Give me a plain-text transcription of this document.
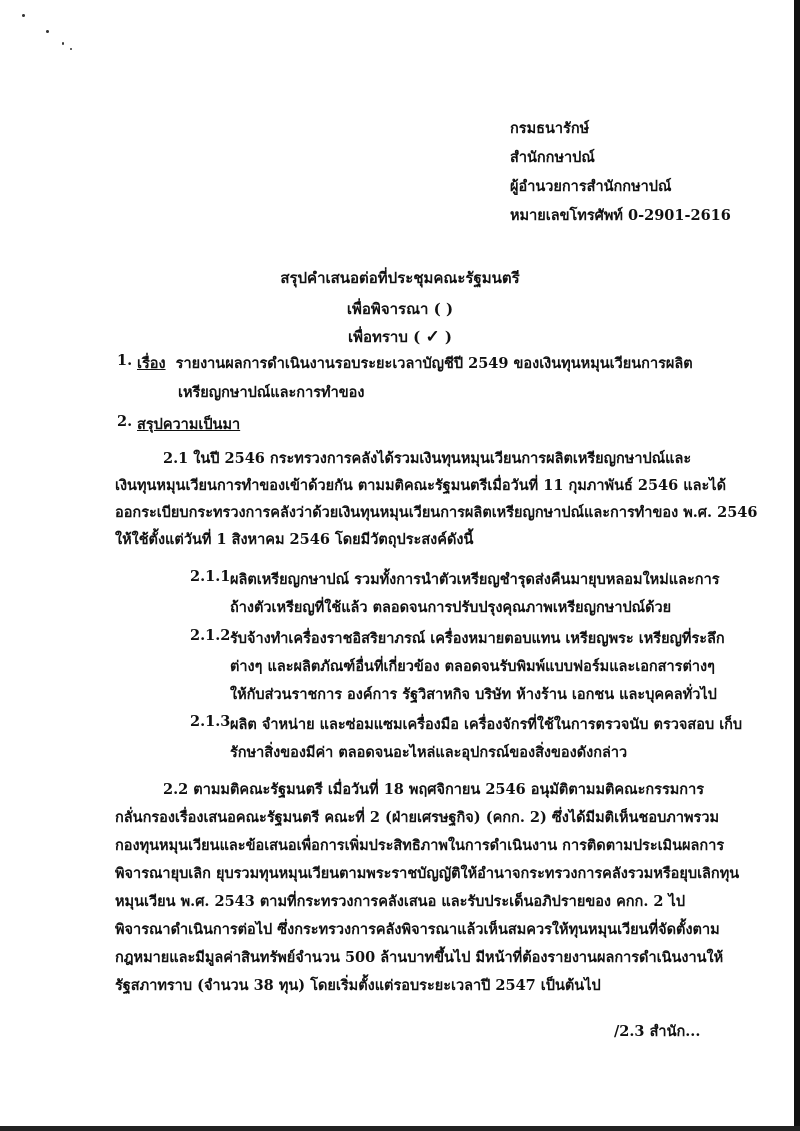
กรมธนารักษ์
สำนักกษาปณ์
ผู้อำนวยการสำนักกษาปณ์
หมายเลขโทรศัพท์ 0-2901-2616
สรุปคำเสนอต่อที่ประชุมคณะรัฐมนตรี
เพื่อพิจารณา ( )
เพื่อทราบ ( ✓ )
1. เรื่อง รายงานผลการดำเนินงานรอบระยะเวลาบัญชีปี 2549 ของเงินทุนหมุนเวียนการผลิต
เหรียญกษาปณ์และการทำของ
2. สรุปความเป็นมา
2.1 ในปี 2546 กระทรวงการคลังได้รวมเงินทุนหมุนเวียนการผลิตเหรียญกษาปณ์และ
เงินทุนหมุนเวียนการทำของเข้าด้วยกัน ตามมติคณะรัฐมนตรีเมื่อวันที่ 11 กุมภาพันธ์ 2546 และได้
ออกระเบียบกระทรวงการคลังว่าด้วยเงินทุนหมุนเวียนการผลิตเหรียญกษาปณ์และการทำของ พ.ศ. 2546
ให้ใช้ตั้งแต่วันที่ 1 สิงหาคม 2546 โดยมีวัตถุประสงค์ดังนี้
2.1.1 ผลิตเหรียญกษาปณ์ รวมทั้งการนำตัวเหรียญชำรุดส่งคืนมายุบหลอมใหม่และการ
ถ้างตัวเหรียญที่ใช้แล้ว ตลอดจนการปรับปรุงคุณภาพเหรียญกษาปณ์ด้วย
2.1.2 รับจ้างทำเครื่องราชอิสริยาภรณ์ เครื่องหมายตอบแทน เหรียญพระ เหรียญที่ระลึก
ต่างๆ และผลิตภัณฑ์อื่นที่เกี่ยวข้อง ตลอดจนรับพิมพ์แบบฟอร์มและเอกสารต่างๆ
ให้กับส่วนราชการ องค์การ รัฐวิสาหกิจ บริษัท ห้างร้าน เอกชน และบุคคลทั่วไป
2.1.3 ผลิต จำหน่าย และซ่อมแซมเครื่องมือ เครื่องจักรที่ใช้ในการตรวจนับ ตรวจสอบ เก็บ
รักษาสิ่งของมีค่า ตลอดจนอะไหล่และอุปกรณ์ของสิ่งของดังกล่าว
2.2 ตามมติคณะรัฐมนตรี เมื่อวันที่ 18 พฤศจิกายน 2546 อนุมัติตามมติคณะกรรมการ
กลั่นกรองเรื่องเสนอคณะรัฐมนตรี คณะที่ 2 (ฝ่ายเศรษฐกิจ) (คกก. 2) ซึ่งได้มีมติเห็นชอบภาพรวม
กองทุนหมุนเวียนและข้อเสนอเพื่อการเพิ่มประสิทธิภาพในการดำเนินงาน การติดตามประเมินผลการ
พิจารณายุบเลิก ยุบรวมทุนหมุนเวียนตามพระราชบัญญัติให้อำนาจกระทรวงการคลังรวมหรือยุบเลิกทุน
หมุนเวียน พ.ศ. 2543 ตามที่กระทรวงการคลังเสนอ และรับประเด็นอภิปรายของ คกก. 2 ไป
พิจารณาดำเนินการต่อไป ซึ่งกระทรวงการคลังพิจารณาแล้วเห็นสมควรให้ทุนหมุนเวียนที่จัดตั้งตาม
กฎหมายและมีมูลค่าสินทรัพย์จำนวน 500 ล้านบาทขึ้นไป มีหน้าที่ต้องรายงานผลการดำเนินงานให้
รัฐสภาทราบ (จำนวน 38 ทุน) โดยเริ่มตั้งแต่รอบระยะเวลาปี 2547 เป็นต้นไป
/2.3 สำนัก...
